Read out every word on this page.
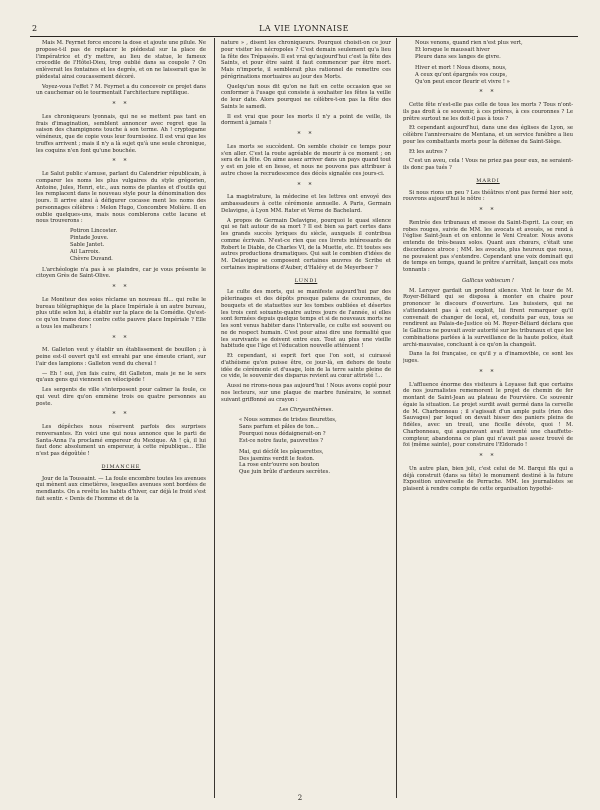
2	LA VIE LYONNAISE

Mais M. Feyrnet force encore la dose et ajoute une pilule. Ne propose-t-il pas de replacer le piédestal sur la place de l'impératrice et d'y mettre, au lieu de statue, le fameux crocodile de l'Hôtel-Dieu, trop oublié dans sa coupole ? On enlèverait les fontaines et les degrés, et on ne laisserait que le piédestal ainsi coucassement décoré.

Voyez-vous l'effet ? M. Feyrnet a du concevoir ce projet dans un cauchemar où le tourmentait l'architecture reptilique.

* *

Les chroniqueurs lyonnais, qui ne se mettent pas tant en frais d'imagination, semblent annoncer avec regret que la saison des champignons touche à son terme. Ah ! cryptogame vénéneux, que de copie vous leur fournissiez. Il est vrai que les truffes arrivent ; mais il n'y a là sujet qu'à une seule chronique, les coquins n'en font qu'une bouchée.

* *

Le Salut public s'amuse, parlant du Calendrier républicain, à comparer les noms les plus vulgaires du style grégorien, Antoine, Jules, Henri, etc., aux noms de plantes et d'outils qui les remplacent dans le nouveau style pour la dénomination des jours. Il arrive ainsi à défigurer cocasse ment les noms des personnages célèbres : Melon Hugo, Concombre Molière. Il en oublie quelques-uns, mais nous comblerons cette lacune et nous trouverons :

Potiron Lincoster.
Pintade Jouve.
Sable Jantet.
Ail Larroix.
Chèvre Duvand.

L'archéologie n'a pas à se plaindre, car je vous présente le citoyen Grès de Saint-Olive.

* *

Le Moniteur des soies réclame un nouveau fil... qui relie le bureau télégraphique de la place Impériale à un autre bureau, plus utile selon lui, à établir sur la place de la Comédie. Qu'est-ce qu'on trame donc contre cette pauvre place Impériale ? Elle a tous les malheurs !

* *

M. Galleton veut y établir un établissement de bouillon ; à peine est-il ouvert qu'il est envahi par une émeute criant, sur l'air des lampions : Galleton vend du cheval !

— Eh ! oui, j'en fais cuire, dit Galleton, mais je ne le sers qu'aux gens qui viennent en vélocipède !

Les sergents de ville s'interposent pour calmer la foule, ce qui veut dire qu'on emmène trois ou quatre personnes au poste.

* *

Les dépêches nous réservent parfois des surprises renversantes. En voici une qui nous annonce que le parti de Santa-Anna l'a proclamé empereur du Mexique. Ah ! çà, il lui faut donc absolument un empereur, à cette république... Elle n'est pas dégoûtée !

DIMANCHE

Jour de la Toussaint. — La foule encombre toutes les avenues qui mènent aux cimetières, lesquelles avenues sont bordées de mendiants. On a revêtu les habits d'hiver, car déjà le froid s'est fait sentir. « Denis de l'homme et de la

nature » , disent les chroniqueurs. Pourquoi choisit-on ce jour pour visiter les nécropoles ? C'est demain seulement qu'a lieu la fête des Trépassés. Il est vrai qu'aujourd'hui c'est la fête des Saints, et pour être saint il faut commencer par être mort. Mais n'importe, il semblerait plus rationnel de remettre ces pérégrinations mortuaires au jour des Morts.

Quelqu'un nous dit qu'on ne fait en cette occasion que se conformer à l'usage qui consiste à souhaiter les fêtes la veille de leur date. Alors pourquoi ne célèbre-t-on pas la fête des Saints le samedi.

Il est vrai que pour les morts il n'y a point de veille, ils dorment à jamais !

* *

Les morts se succèdent. On semble choisir ce temps pour s'en aller. C'est la route agréable de mourir à ce moment ; on sera de la fête. On aime assez arriver dans un pays quand tout y est en joie et en liesse, et nous ne pouvons pas attribuer à autre chose la recrudescence des décès signalée ces jours-ci.

* *

La magistrature, la médecine et les lettres ont envoyé des ambassadeurs à cette cérémonie annuelle. A Paris, Germain Delavigne, à Lyon MM. Rater et Verne de Bachelard.

A propos de Germain Delavigne, pourquoi le quasi silence qui se fait autour de sa mort ? Il est bien sa part certes dans les grands succès lyriques du siècle, auxquels il contribua comme écrivain. N'est-ce rien que ces livrets intéressants de Robert le Diable, de Charles VI, de la Muette, etc. Et toutes ses autres productions dramatiques. Qui sait le combien d'idées de M. Delavigne se composent certaines œuvres de Scribe et certaines inspirations d'Auber, d'Halévy et de Meyerbeer ?

LUNDI

Le culte des morts, qui se manifeste aujourd'hui par des pèlerinages et des dépôts presque païens de couronnes, de bouquets et de statuettes sur les tombes oubliées et désertes les trois cent soixante-quatre autres jours de l'année, si elles sont fermées depuis quelque temps et si de nouveaux morts ne les sont venus habiter dans l'intervalle, ce culte est souvent ou ne de respect humain. C'est pour ainsi dire une formalité que les survivants se doivent entre eux. Tout au plus une vieille habitude que l'âge et l'éducation nouvelle atténuent !

Et cependant, si esprit fort que l'on soit, si cuirassé d'athéisme qu'on puisse être, ce jour-là, en dehors de toute idée de cérémonie et d'usage, loin de la terre sainte pleine de ce vide, le souvenir des disparus revient au cœur attristé !...

Aussi ne rirons-nous pas aujourd'hui ! Nous avons copié pour nos lecteurs, sur une plaque de marbre funéraire, le sonnet suivant griffonné au crayon :

Les Chrysanthèmes.
« Nous sommes de tristes fleurettes,
Sans parfum et pâles de ton...
Pourquoi nous dédaignerait-on ?
Est-ce notre faute, pauvrettes ?
Mai, qui déclôt les pâquerettes,
Des jasmins verdit le feston.
La rose entr'ouvre son bouton
Que juin brûle d'ardeurs secrètes.
Nous venons, quand rien n'est plus vert,
Et lorsque le maussait hiver
Pleure dans ses langes de givre.
Hiver et mort ! Nous disons, nous,
A ceux qu'ont épargnés vos coups,
Qu'on peut encor fleurir et vivre ! »
* *

Cette fête n'est-elle pas celle de tous les morts ? Tous n'ont-ils pas droit à ce souvenir, à ces prières, à ces couronnes ? Le prêtre surtout ne les doit-il pas à tous ?

Et cependant aujourd'hui, dans une des églises de Lyon, se célèbre l'anniversaire de Mentana, et un service funèbre a lieu pour les combattants morts pour la défense du Saint-Siège.

Et les autres ?

C'est un aveu, cela ! Vous ne priez pas pour eux, ne seraient-ils donc pas tués ?

MARDI

Si nous rions un peu ? Les théâtres n'ont pas fermé hier soir, rouvrons aujourd'hui le nôtre :

* *

Rentrée des tribunaux et messe du Saint-Esprit. La cour, en robes rouges, suivie de MM. les avocats et avoués, se rend à l'église Saint-Jean et on entonne le Veni Creator. Nous avons entendu de très-beaux solos. Quant aux chœurs, c'était une discordance atroce ; MM. les avocats, plus heureux que nous, ne pouvaient pas s'entendre. Cependant une voix dominait qui de temps en temps, quand le prêtre s'arrêtait, lançait ces mots tonnants :

Gallicus vobiscum !

M. Leroyer gardait un profond silence. Vint le tour de M. Royer-Béliard qui se disposa à monter en chaire pour prononcer le discours d'ouverture. Les huissiers, qui ne s'attendaient pas à cet exploit, lui firent remarquer qu'il convenait de changer de local, et, conduits par eux, tous se rendirent au Palais-de-Justice où M. Royer-Béliard déclara que le Gallicus ne pouvait avoir autorité sur les tribunaux et que les combinations parlées à la surveillance de la haute police, était archi-mauvaise, concluant à ce qu'on la changeât.

Dans la foi française, ce qu'il y a d'inamovible, ce sont les juges.

* *

L'affluence énorme des visiteurs à Loyasse fait que certains de nos journalistes rememorent le projet de chemin de fer montant de Saint-Jean au plateau de Fourvière. Ce souvenir égaie la situation. Le projet surdit avait germé dans la cervelle de M. Charbonneau ; il s'agissait d'un ample puits (rien des Sauvages) par lequel on devait hisser des paniers pleins de fidèles, avec un treuil, une ficelle dévote, quoi ! M. Charbonneau, qui auparavant avait inventé une chauffette-compteur, abandonna ce plan qui n'avait pas assez trouvé de foi (même sainte), pour construire l'Eldorado !

* *

Un autre plan, bien joli, c'est celui de M. Barqui fils qui a déjà construit (dans sa tête) le monument destiné à la future Exposition universelle de Perrache. MM. les journalistes se plaisent à rendre compte de cette organisation hypothé-

2
